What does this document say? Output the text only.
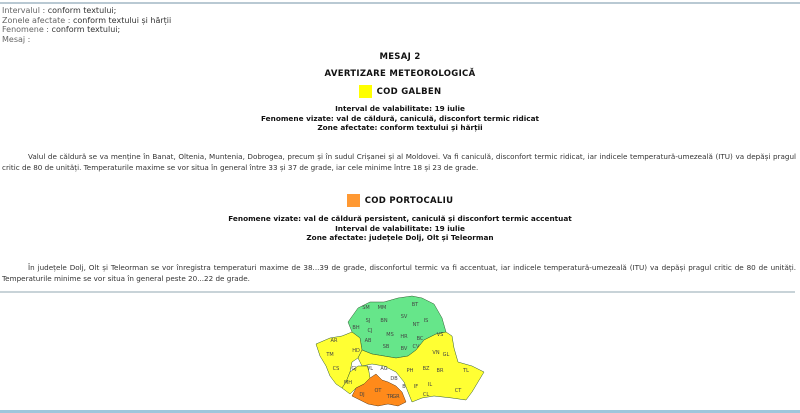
Intervalul : conform textului;
Zonele afectate : conform textului și hărții
Fenomene : conform textului;
Mesaj :
MESAJ 2
AVERTIZARE METEOROLOGICĂ
COD GALBEN
Interval de valabilitate: 19 iulie
Fenomene vizate: val de căldură, caniculă, disconfort termic ridicat
Zone afectate: conform textului și hărții
Valul de căldură se va menține în Banat, Oltenia, Muntenia, Dobrogea, precum și în sudul Crișanei și al Moldovei. Va fi caniculă, disconfort termic ridicat, iar indicele temperatură-umezeală (ITU) va depăși pragul critic de 80 de unități. Temperaturile maxime se vor situa în general între 33 și 37 de grade, iar cele minime între 18 și 23 de grade.
COD PORTOCALIU
Fenomene vizate: val de căldură persistent, caniculă și disconfort termic accentuat
Interval de valabilitate: 19 iulie
Zone afectate: județele Dolj, Olt și Teleorman
În județele Dolj, Olt și Teleorman se vor înregistra temperaturi maxime de 38...39 de grade, disconfortul termic va fi accentuat, iar indicele temperatură-umezeală (ITU) va depăși pragul critic de 80 de unități. Temperaturile minime se vor situa în general peste 20...22 de grade.
SM MM	BT
SV
IS
BH
SJ BN
CJ
NT
MS HR BC
AB
SB BV CV
HD
VS
AR
TM
CS GJ VL AG
VN GL
MH
DB
PH BZ BR	TL
IF
B
GR	CL
IL
CT
DJ
OT
TR
